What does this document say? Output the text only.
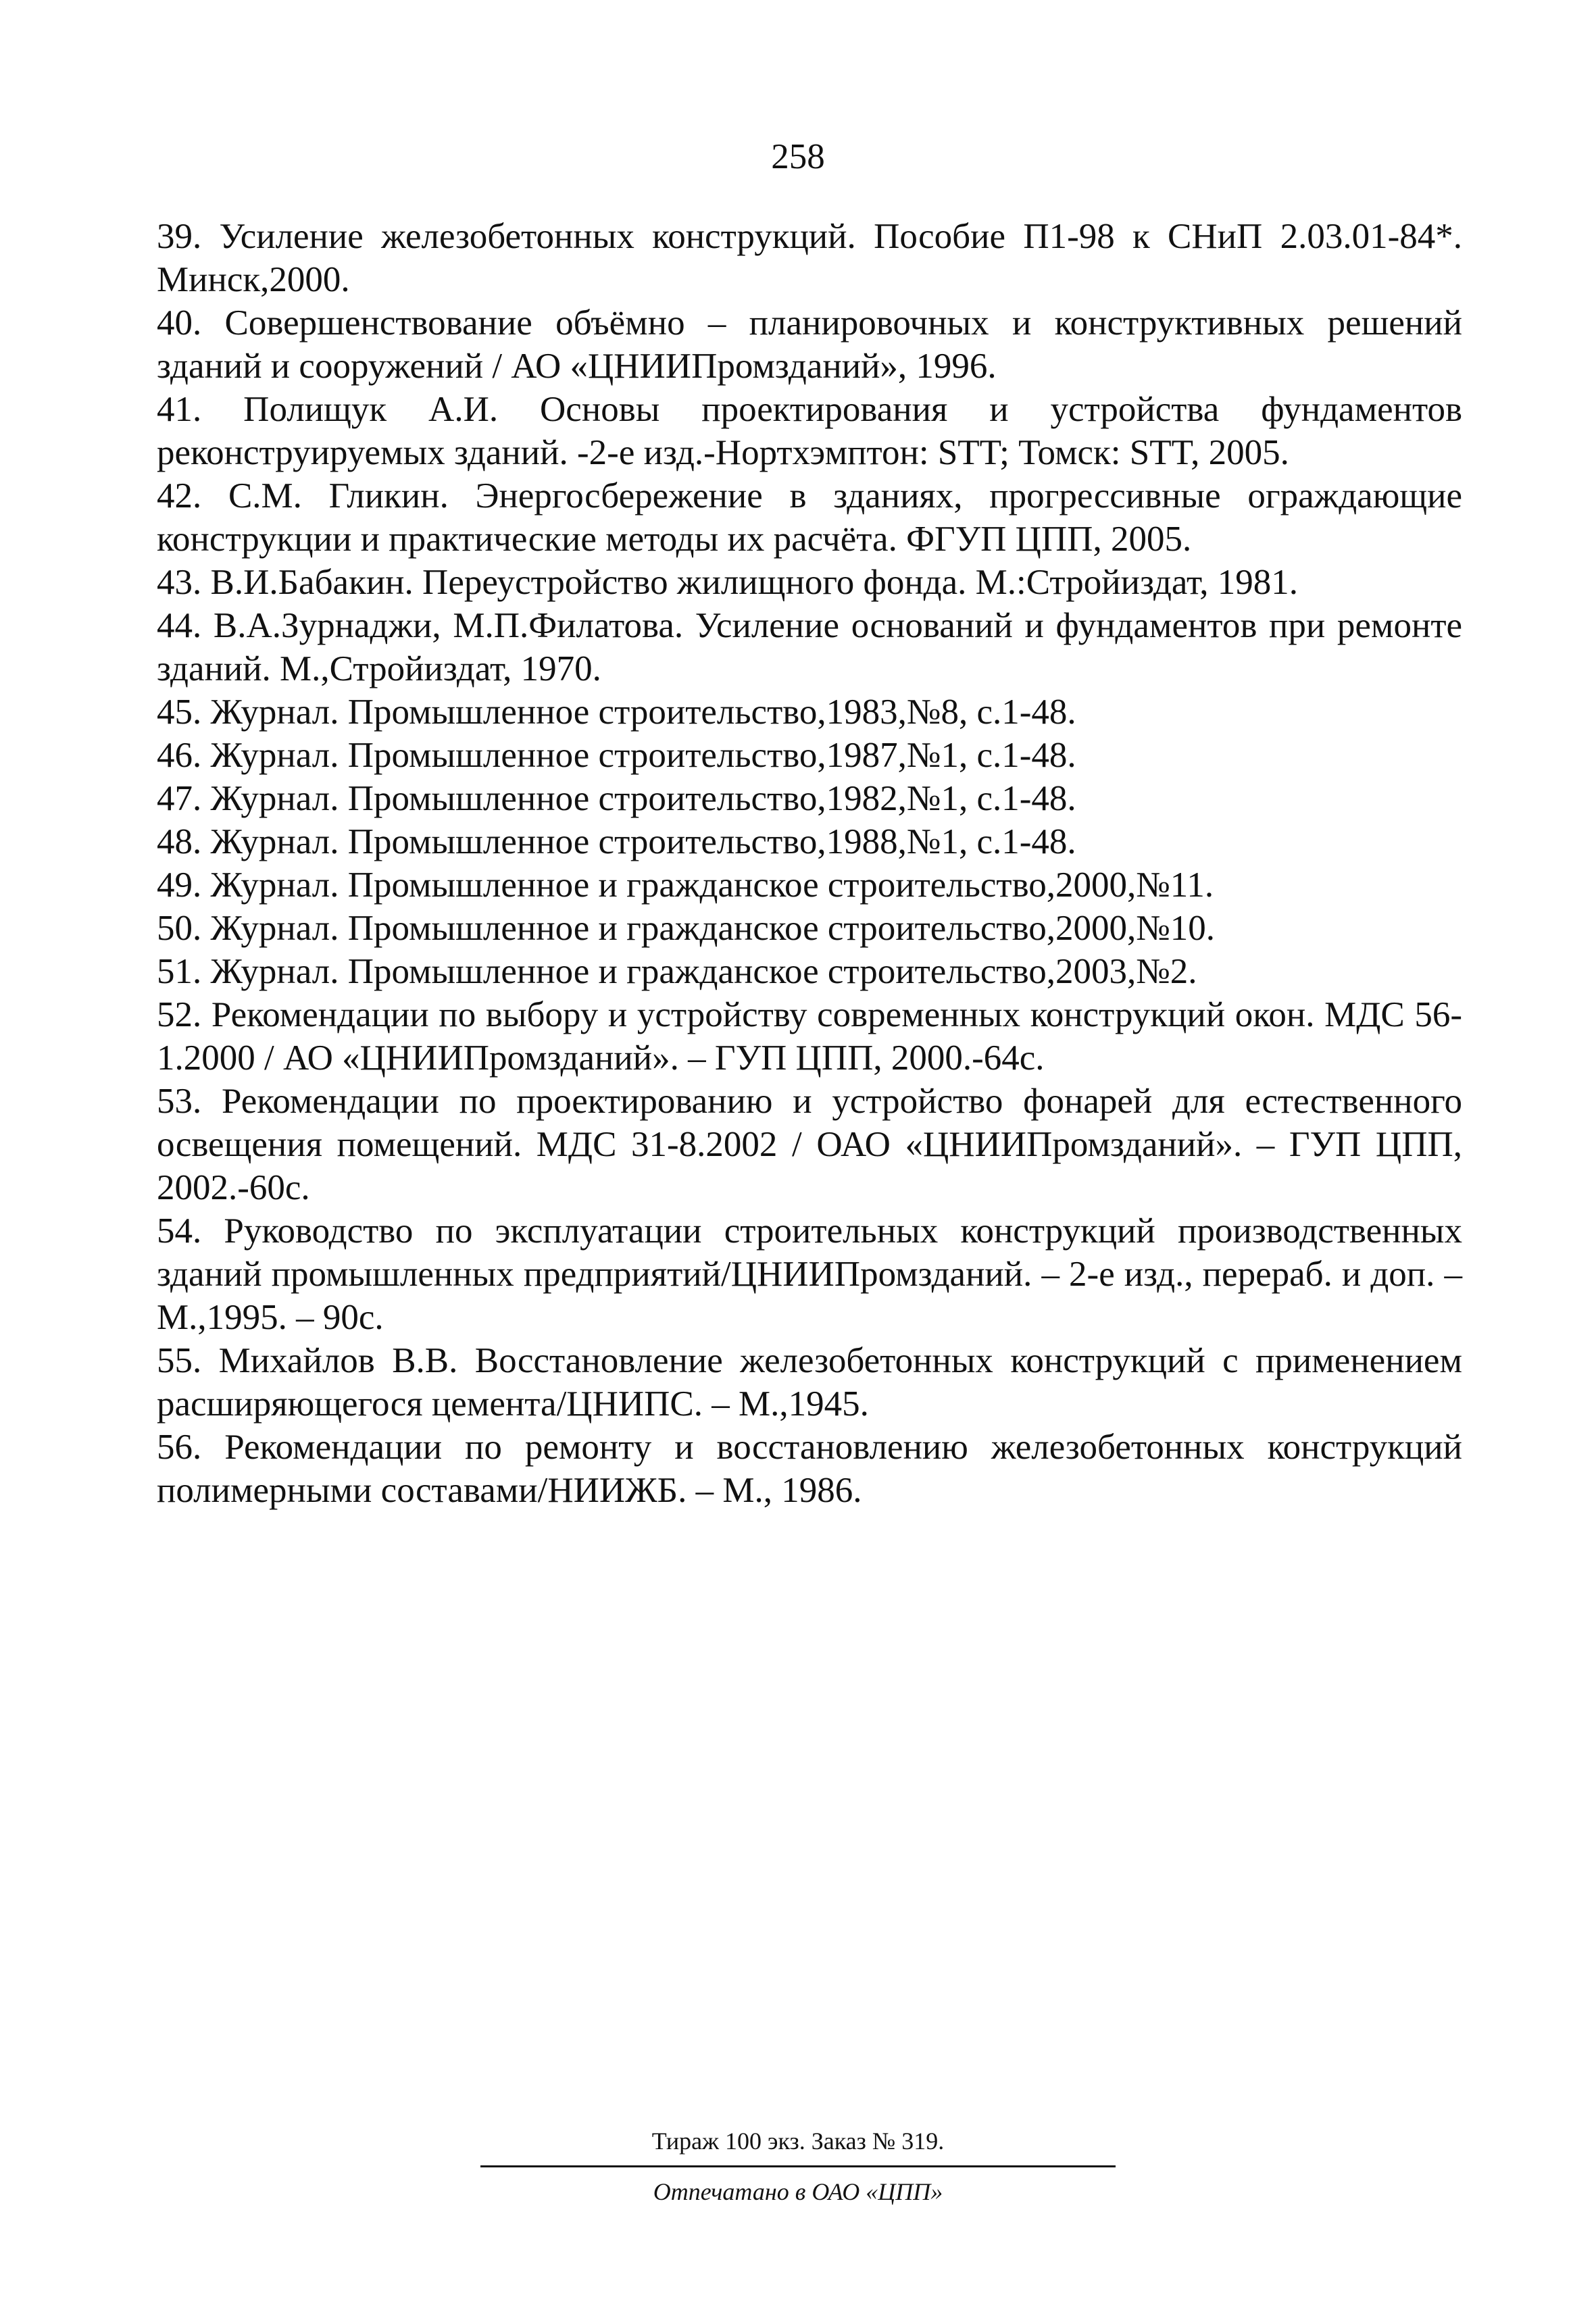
258

39. Усиление железобетонных конструкций. Пособие П1-98 к СНиП 2.03.01-84*. Минск,2000.

40. Совершенствование объёмно – планировочных и конструктивных решений зданий и сооружений / АО «ЦНИИПромзданий», 1996.

41. Полищук А.И. Основы проектирования и устройства фундаментов реконструируемых зданий. -2-е изд.-Нортхэмптон: STT; Томск: STT, 2005.

42. С.М. Гликин. Энергосбережение в зданиях, прогрессивные ограждающие конструкции и практические методы их расчёта. ФГУП ЦПП, 2005.

43. В.И.Бабакин. Переустройство жилищного фонда. М.:Стройиздат, 1981.

44. В.А.Зурнаджи, М.П.Филатова. Усиление оснований и фундаментов при ремонте зданий. М.,Стройиздат, 1970.

45. Журнал. Промышленное строительство,1983,№8, с.1-48.

46. Журнал. Промышленное строительство,1987,№1, с.1-48.

47. Журнал. Промышленное строительство,1982,№1, с.1-48.

48. Журнал. Промышленное строительство,1988,№1, с.1-48.

49. Журнал. Промышленное и гражданское строительство,2000,№11.

50. Журнал. Промышленное и гражданское строительство,2000,№10.

51. Журнал. Промышленное и гражданское строительство,2003,№2.

52. Рекомендации по выбору и устройству современных конструкций окон. МДС 56-1.2000 / АО «ЦНИИПромзданий». – ГУП ЦПП, 2000.-64с.

53. Рекомендации по проектированию и устройство фонарей для естественного освещения помещений. МДС 31-8.2002 / ОАО «ЦНИИПромзданий». – ГУП ЦПП, 2002.-60с.

54. Руководство по эксплуатации строительных конструкций производственных зданий промышленных предприятий/ЦНИИПромзданий. – 2-е изд., перераб. и доп. – М.,1995. – 90с.

55. Михайлов В.В. Восстановление железобетонных конструкций с применением расширяющегося цемента/ЦНИПС. – М.,1945.

56. Рекомендации по ремонту и восстановлению железобетонных конструкций полимерными составами/НИИЖБ. – М., 1986.

Тираж 100 экз. Заказ № 319.
Отпечатано в ОАО «ЦПП»
